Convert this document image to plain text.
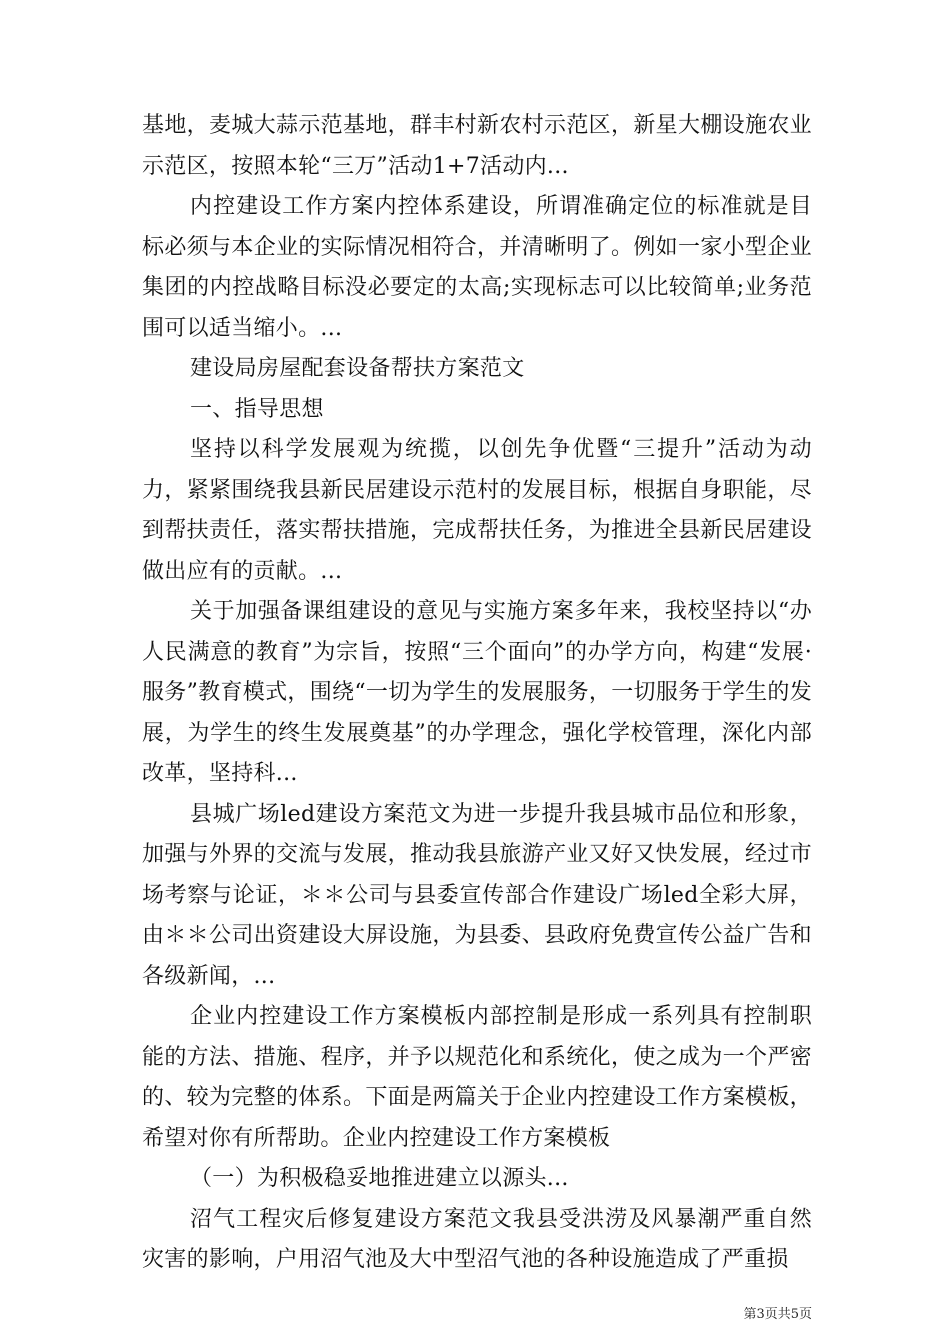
基地，麦城大蒜示范基地，群丰村新农村示范区，新星大棚设施农业示范区，按照本轮“三万”活动1+7活动内...

内控建设工作方案内控体系建设，所谓准确定位的标准就是目标必须与本企业的实际情况相符合，并清晰明了。例如一家小型企业集团的内控战略目标没必要定的太高;实现标志可以比较简单;业务范围可以适当缩小。...

建设局房屋配套设备帮扶方案范文

一、指导思想

坚持以科学发展观为统揽，以创先争优暨“三提升”活动为动力，紧紧围绕我县新民居建设示范村的发展目标，根据自身职能，尽到帮扶责任，落实帮扶措施，完成帮扶任务，为推进全县新民居建设做出应有的贡献。...

关于加强备课组建设的意见与实施方案多年来，我校坚持以“办人民满意的教育”为宗旨，按照“三个面向”的办学方向，构建“发展·服务”教育模式，围绕“一切为学生的发展服务，一切服务于学生的发展，为学生的终生发展奠基”的办学理念，强化学校管理，深化内部改革，坚持科...

县城广场led建设方案范文为进一步提升我县城市品位和形象，加强与外界的交流与发展，推动我县旅游产业又好又快发展，经过市场考察与论证，＊＊公司与县委宣传部合作建设广场led全彩大屏，由＊＊公司出资建设大屏设施，为县委、县政府免费宣传公益广告和各级新闻，...

企业内控建设工作方案模板内部控制是形成一系列具有控制职能的方法、措施、程序，并予以规范化和系统化，使之成为一个严密的、较为完整的体系。下面是两篇关于企业内控建设工作方案模板，希望对你有所帮助。企业内控建设工作方案模板

（一）为积极稳妥地推进建立以源头...

沼气工程灾后修复建设方案范文我县受洪涝及风暴潮严重自然灾害的影响，户用沼气池及大中型沼气池的各种设施造成了严重损

第3页共5页
